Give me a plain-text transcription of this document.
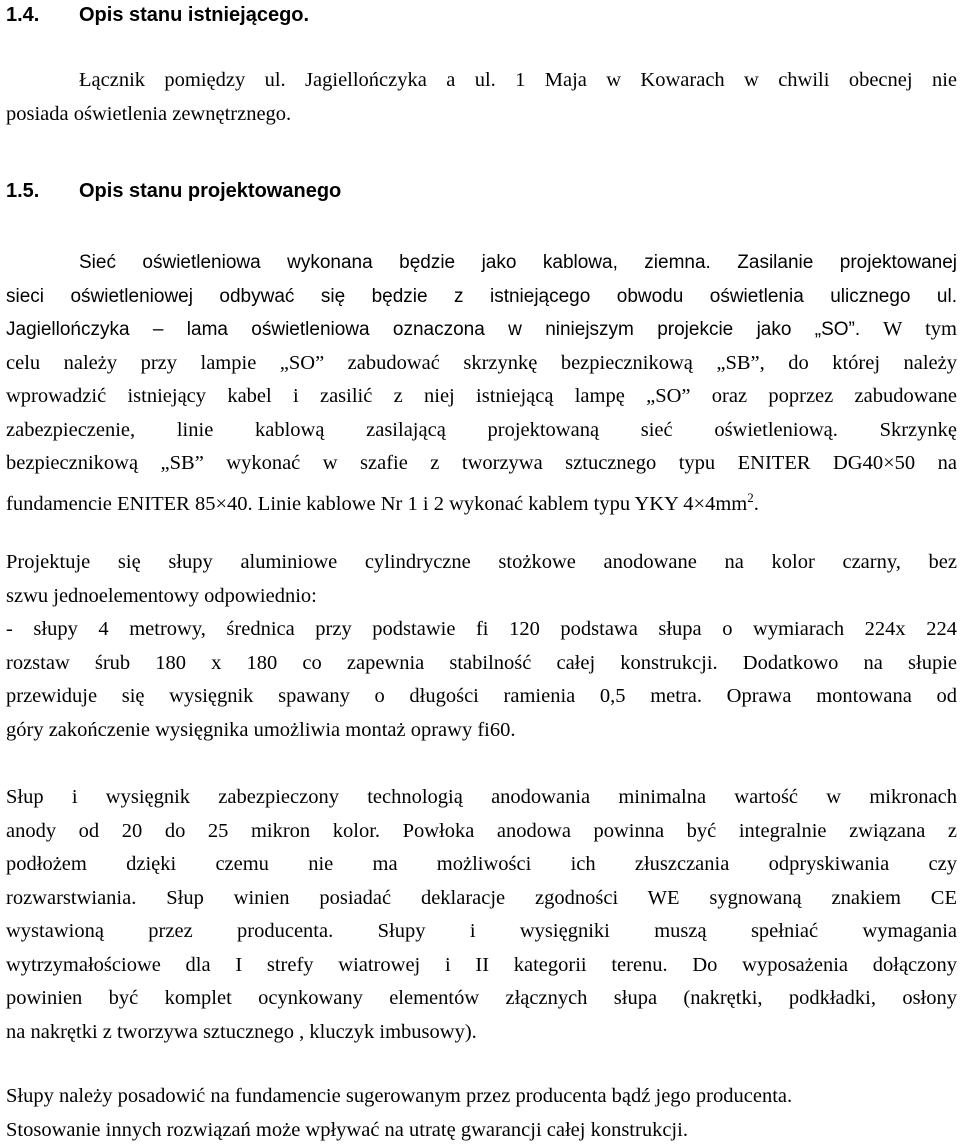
1.4. Opis stanu istniejącego.
Łącznik pomiędzy ul. Jagiellończyka a ul. 1 Maja w Kowarach w chwili obecnej nie
posiada oświetlenia zewnętrznego.
1.5. Opis stanu projektowanego
Sieć oświetleniowa wykonana będzie jako kablowa, ziemna. Zasilanie projektowanej
sieci oświetleniowej odbywać się będzie z istniejącego obwodu oświetlenia ulicznego ul.
Jagiellończyka – lama oświetleniowa oznaczona w niniejszym projekcie jako „SO”. W tym
celu należy przy lampie „SO” zabudować skrzynkę bezpiecznikową „SB”, do której należy
wprowadzić istniejący kabel i zasilić z niej istniejącą lampę „SO” oraz poprzez zabudowane
zabezpieczenie, linie kablową zasilającą projektowaną sieć oświetleniową. Skrzynkę
bezpiecznikową „SB” wykonać w szafie z tworzywa sztucznego typu ENITER DG40×50 na
fundamencie ENITER 85×40. Linie kablowe Nr 1 i 2 wykonać kablem typu YKY $4\times 4mm^2$.
Projektuje się słupy aluminiowe cylindryczne stożkowe anodowane na kolor czarny, bez
szwu jednoelementowy odpowiednio:
- słupy 4 metrowy, średnica przy podstawie fi 120 podstawa słupa o wymiarach 224x 224
rozstaw śrub 180 x 180 co zapewnia stabilność całej konstrukcji. Dodatkowo na słupie
przewiduje się wysięgnik spawany o długości ramienia 0,5 metra. Oprawa montowana od
góry zakończenie wysięgnika umożliwia montaż oprawy fi60.
Słup i wysięgnik zabezpieczony technologią anodowania minimalna wartość w mikronach
anody od 20 do 25 mikron kolor. Powłoka anodowa powinna być integralnie związana z
podłożem dzięki czemu nie ma możliwości ich złuszczania odpryskiwania czy
rozwarstwiania. Słup winien posiadać deklaracje zgodności WE sygnowaną znakiem CE
wystawioną przez producenta. Słupy i wysięgniki muszą spełniać wymagania
wytrzymałościowe dla I strefy wiatrowej i II kategorii terenu. Do wyposażenia dołączony
powinien być komplet ocynkowany elementów złącznych słupa (nakrętki, podkładki, osłony
na nakrętki z tworzywa sztucznego , kluczyk imbusowy).
Słupy należy posadowić na fundamencie sugerowanym przez producenta bądź jego producenta.
Stosowanie innych rozwiązań może wpływać na utratę gwarancji całej konstrukcji.
